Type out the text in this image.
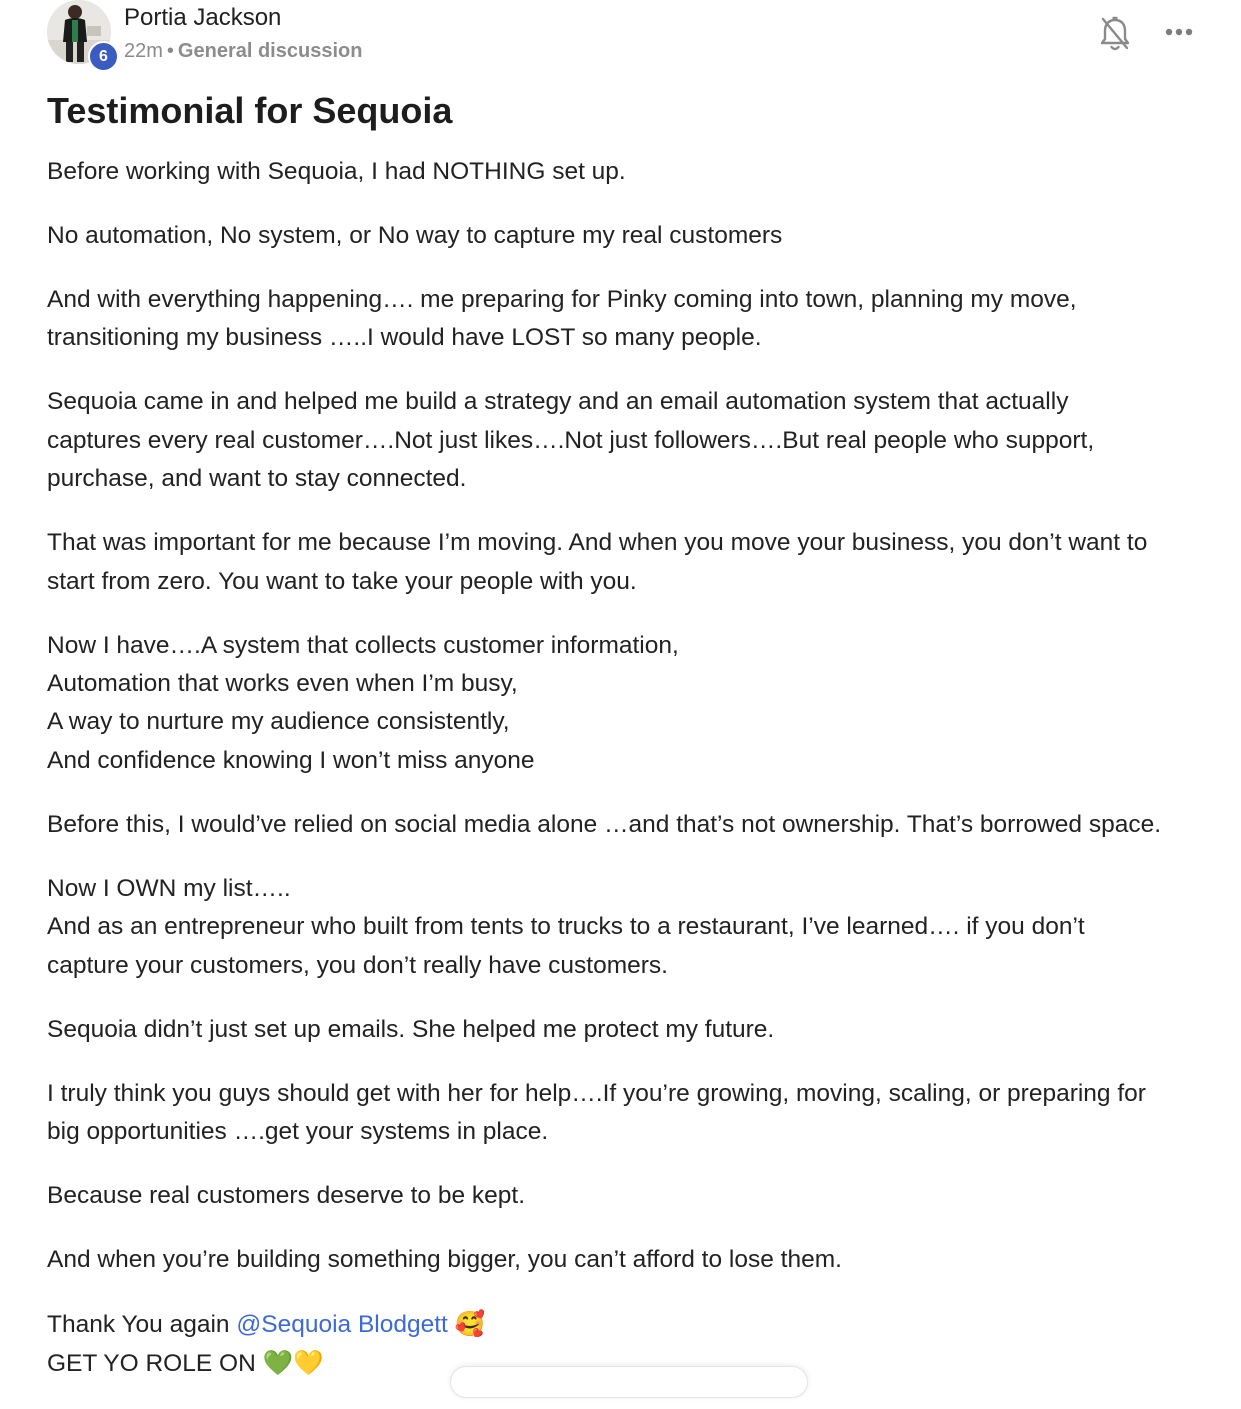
6
Portia Jackson
22m • General discussion
Testimonial for Sequoia

Before working with Sequoia, I had NOTHING set up.

No automation, No system, or No way to capture my real customers

And with everything happening…. me preparing for Pinky coming into town, planning my move,
transitioning my business …..I would have LOST so many people.

Sequoia came in and helped me build a strategy and an email automation system that actually
captures every real customer….Not just likes….Not just followers….But real people who support,
purchase, and want to stay connected.

That was important for me because I’m moving. And when you move your business, you don’t want to
start from zero. You want to take your people with you.

Now I have….A system that collects customer information,
Automation that works even when I’m busy,
A way to nurture my audience consistently,
And confidence knowing I won’t miss anyone

Before this, I would’ve relied on social media alone …and that’s not ownership. That’s borrowed space.

Now I OWN my list…..
And as an entrepreneur who built from tents to trucks to a restaurant, I’ve learned…. if you don’t
capture your customers, you don’t really have customers.

Sequoia didn’t just set up emails. She helped me protect my future.

I truly think you guys should get with her for help….If you’re growing, moving, scaling, or preparing for
big opportunities ….get your systems in place.

Because real customers deserve to be kept.

And when you’re building something bigger, you can’t afford to lose them.

Thank You again @Sequoia Blodgett 🥰
GET YO ROLE ON 💚💛
